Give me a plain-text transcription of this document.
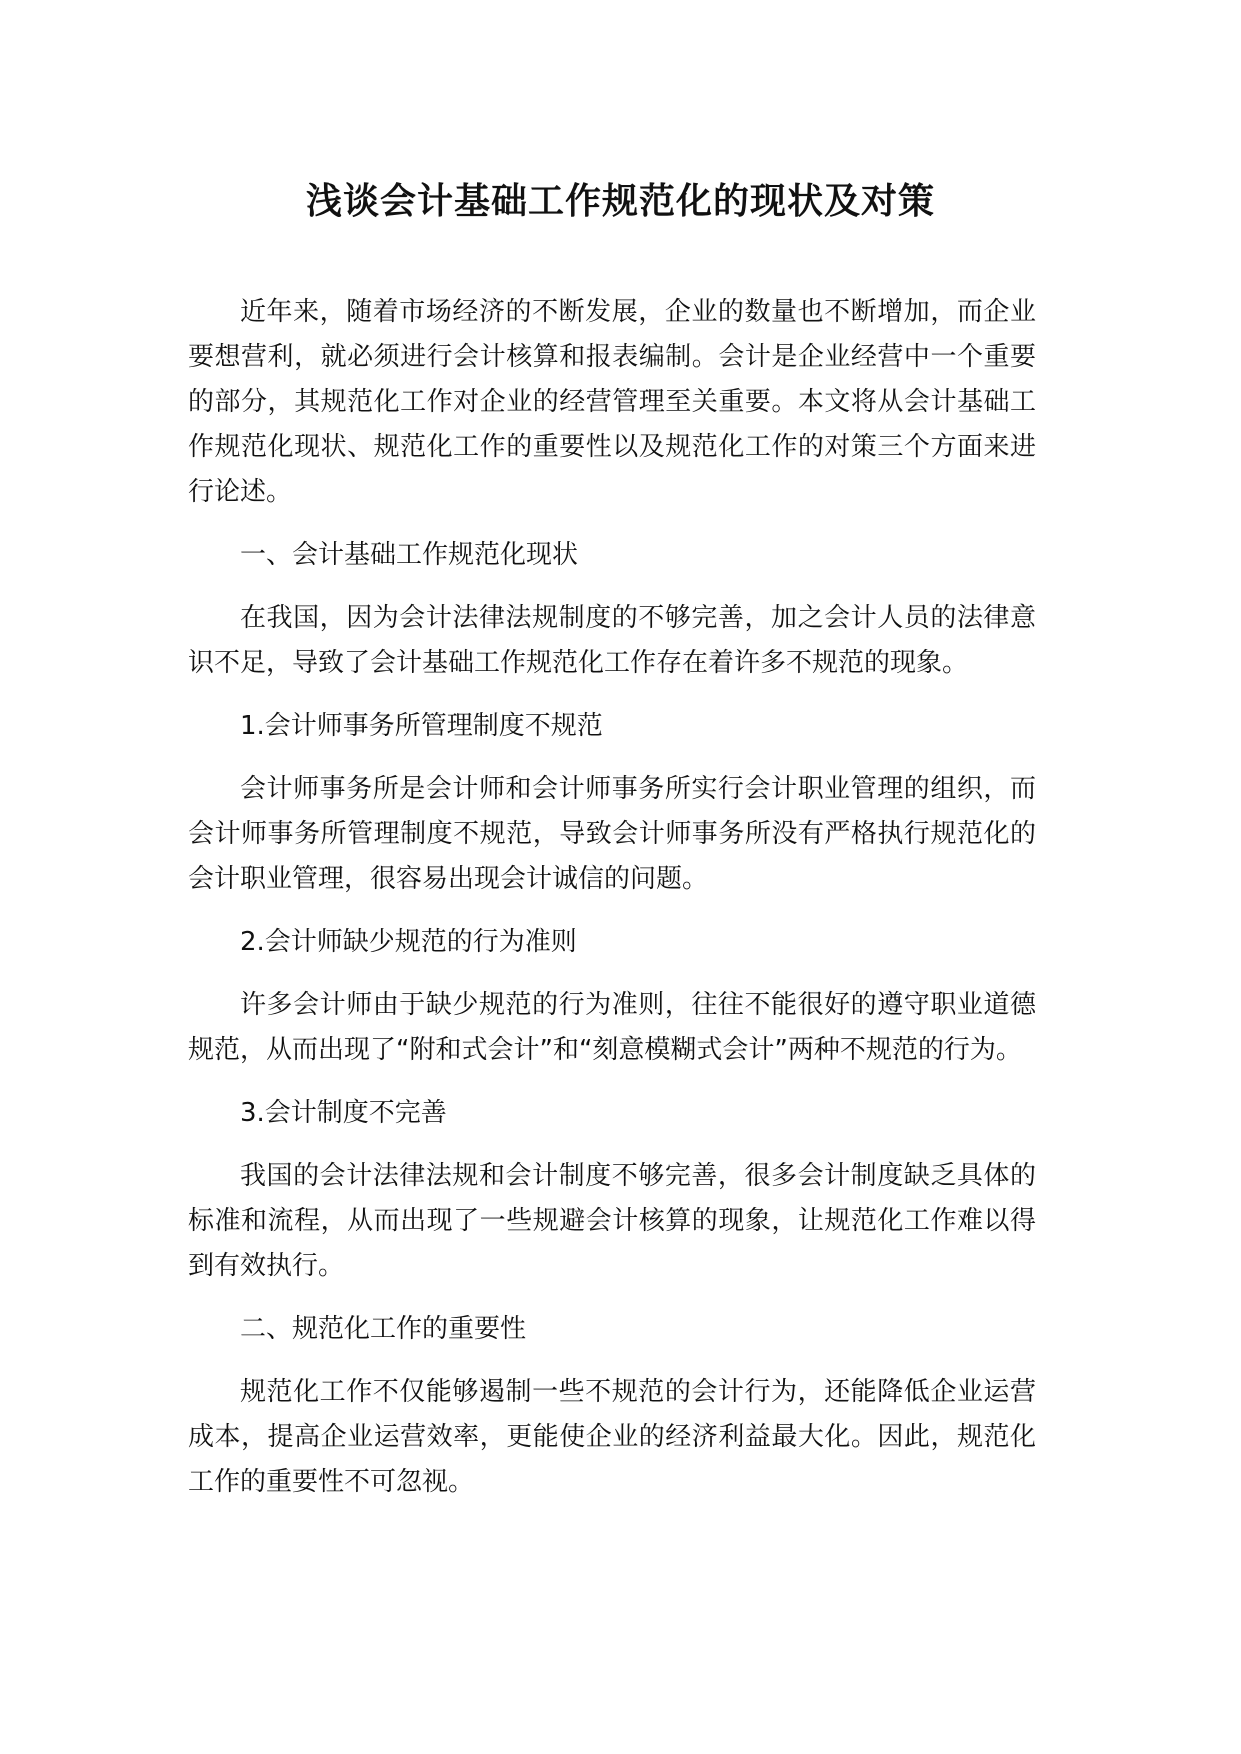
浅谈会计基础工作规范化的现状及对策

近年来，随着市场经济的不断发展，企业的数量也不断增加，而企业要想营利，就必须进行会计核算和报表编制。会计是企业经营中一个重要的部分，其规范化工作对企业的经营管理至关重要。本文将从会计基础工作规范化现状、规范化工作的重要性以及规范化工作的对策三个方面来进行论述。

一、会计基础工作规范化现状

在我国，因为会计法律法规制度的不够完善，加之会计人员的法律意识不足，导致了会计基础工作规范化工作存在着许多不规范的现象。

1.会计师事务所管理制度不规范

会计师事务所是会计师和会计师事务所实行会计职业管理的组织，而会计师事务所管理制度不规范，导致会计师事务所没有严格执行规范化的会计职业管理，很容易出现会计诚信的问题。

2.会计师缺少规范的行为准则

许多会计师由于缺少规范的行为准则，往往不能很好的遵守职业道德规范，从而出现了“附和式会计”和“刻意模糊式会计”两种不规范的行为。

3.会计制度不完善

我国的会计法律法规和会计制度不够完善，很多会计制度缺乏具体的标准和流程，从而出现了一些规避会计核算的现象，让规范化工作难以得到有效执行。

二、规范化工作的重要性

规范化工作不仅能够遏制一些不规范的会计行为，还能降低企业运营成本，提高企业运营效率，更能使企业的经济利益最大化。因此，规范化工作的重要性不可忽视。
